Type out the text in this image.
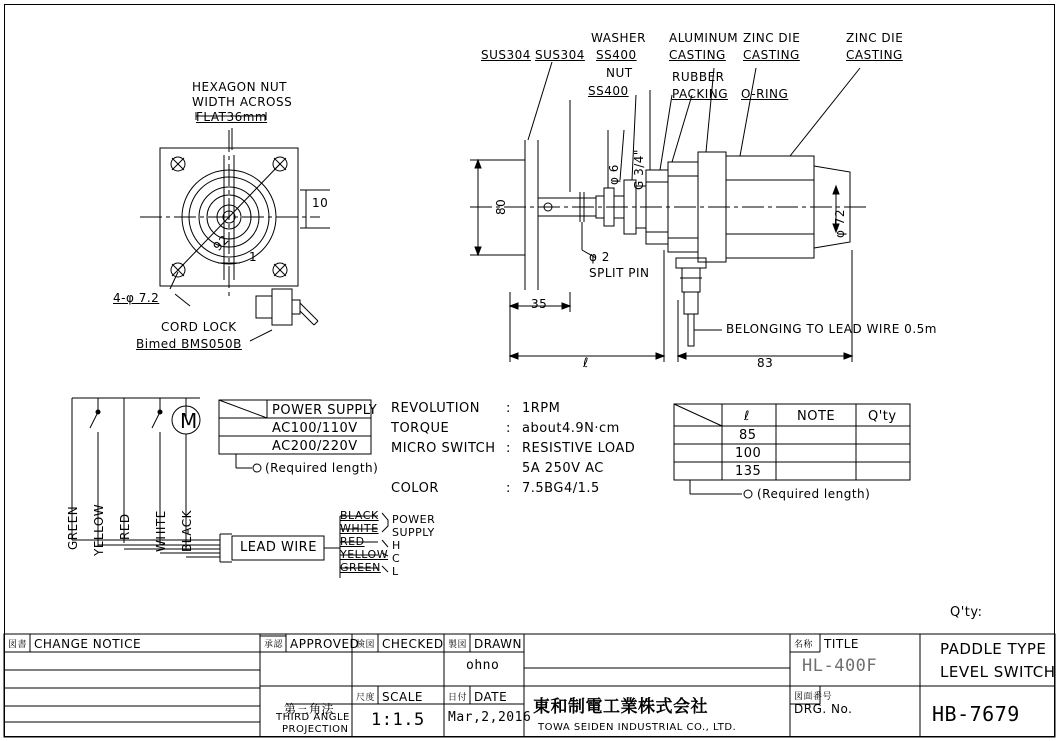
HEXAGON NUT
WIDTH ACROSS
FLAT36mm
10
92
1
4-φ 7.2
CORD LOCK
Bimed BMS050B
SUS304 SUS304
WASHER
SS400
NUT
SS400
ALUMINUM
CASTING
RUBBER
PACKING
ZINC DIE
CASTING
O-RING
ZINC DIE
CASTING
80
φ 6 G 3/4"
φ 72
φ 2
SPLIT PIN
35
ℓ	83
BELONGING TO LEAD WIRE 0.5m
GREEN YELLOW RED WHITE BLACK
M
LEAD WIRE
BLACK
WHITE
RED
YELLOW
GREEN
POWER
SUPPLY
H
C
L
POWER SUPPLY
AC100/110V
AC200/220V
(Required length)
REVOLUTION : 1RPM
TORQUE	: about4.9N·cm
MICRO SWITCH : RESISTIVE LOAD
5A 250V AC
COLOR	: 7.5BG4/1.5
ℓ	NOTE	Q'ty
85
100
135
(Required length)
Q'ty:
図書 CHANGE NOTICE	承認 APPROVED
検図 CHECKED 製図 DRAWN
ohno
第三角法
THIRD ANGLE
PROJECTION
尺度 SCALE
1:1.5
日付 DATE
Mar,2,2016
東和制電工業株式会社
TOWA SEIDEN INDUSTRIAL CO., LTD.
名称 TITLE
HL-400F
PADDLE TYPE
LEVEL SWITCH
図面番号
DRG. No.	HB-7679
